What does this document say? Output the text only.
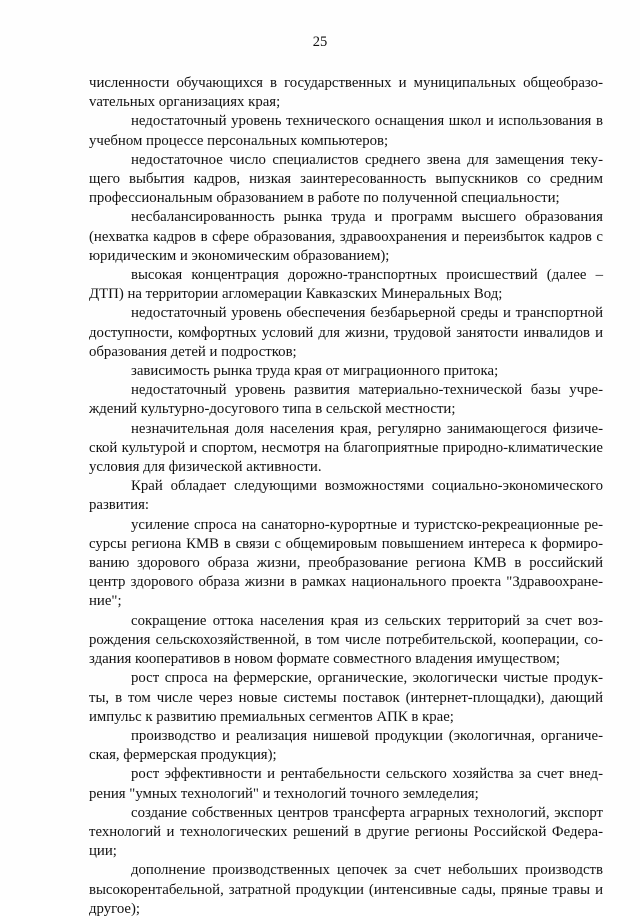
25

численности обучающихся в государственных и муниципальных общеобразоvательных организациях края;

недостаточный уровень технического оснащения школ и использования в учебном процессе персональных компьютеров;

недостаточное число специалистов среднего звена для замещения текущего выбытия кадров, низкая заинтересованность выпускников со средним профессиональным образованием в работе по полученной специальности;

несбалансированность рынка труда и программ высшего образования (нехватка кадров в сфере образования, здравоохранения и переизбыток кадров с юридическим и экономическим образованием);

высокая концентрация дорожно-транспортных происшествий (далее – ДТП) на территории агломерации Кавказских Минеральных Вод;

недостаточный уровень обеспечения безбарьерной среды и транспортной доступности, комфортных условий для жизни, трудовой занятости инвалидов и образования детей и подростков;

зависимость рынка труда края от миграционного притока;

недостаточный уровень развития материально-технической базы учреждений культурно-досугового типа в сельской местности;

незначительная доля населения края, регулярно занимающегося физической культурой и спортом, несмотря на благоприятные природно-климатические условия для физической активности.

Край обладает следующими возможностями социально-экономического развития:

усиление спроса на санаторно-курортные и туристско-рекреационные ресурсы региона КМВ в связи с общемировым повышением интереса к формированию здорового образа жизни, преобразование региона КМВ в российский центр здорового образа жизни в рамках национального проекта "Здравоохранение";

сокращение оттока населения края из сельских территорий за счет возрождения сельскохозяйственной, в том числе потребительской, кооперации, создания кооперативов в новом формате совместного владения имуществом;

рост спроса на фермерские, органические, экологически чистые продукты, в том числе через новые системы поставок (интернет-площадки), дающий импульс к развитию премиальных сегментов АПК в крае;

производство и реализация нишевой продукции (экологичная, органическая, фермерская продукция);

рост эффективности и рентабельности сельского хозяйства за счет внедрения "умных технологий" и технологий точного земледелия;

создание собственных центров трансферта аграрных технологий, экспорт технологий и технологических решений в другие регионы Российской Федерации;

дополнение производственных цепочек за счет небольших производств высокорентабельной, затратной продукции (интенсивные сады, пряные травы и другое);
